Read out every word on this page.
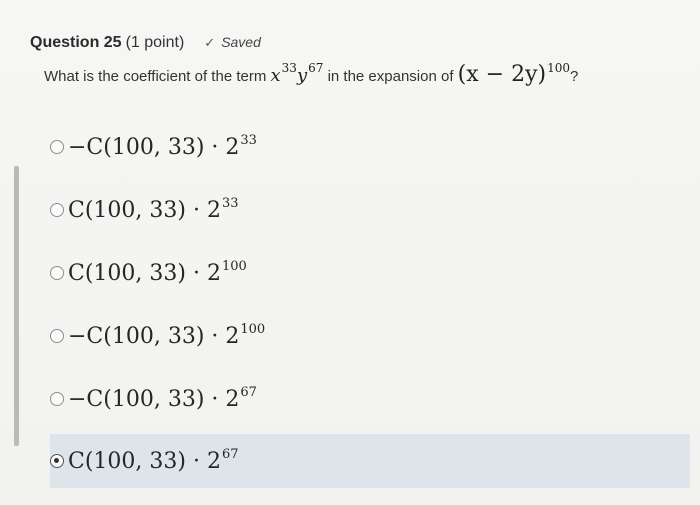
Question 25 (1 point) ✓ Saved
What is the coefficient of the term $x^{33}y^{67}$ in the expansion of $(x - 2y)^{100}$?
−C(100, $33) \cdot 2^{33}$
C(100, $33) \cdot 2^{33}$
C(100, $33) \cdot 2^{100}$
−C(100, $33) \cdot 2^{100}$
−C(100, $33) \cdot 2^{67}$
C(100, $33) \cdot 2^{67}$
